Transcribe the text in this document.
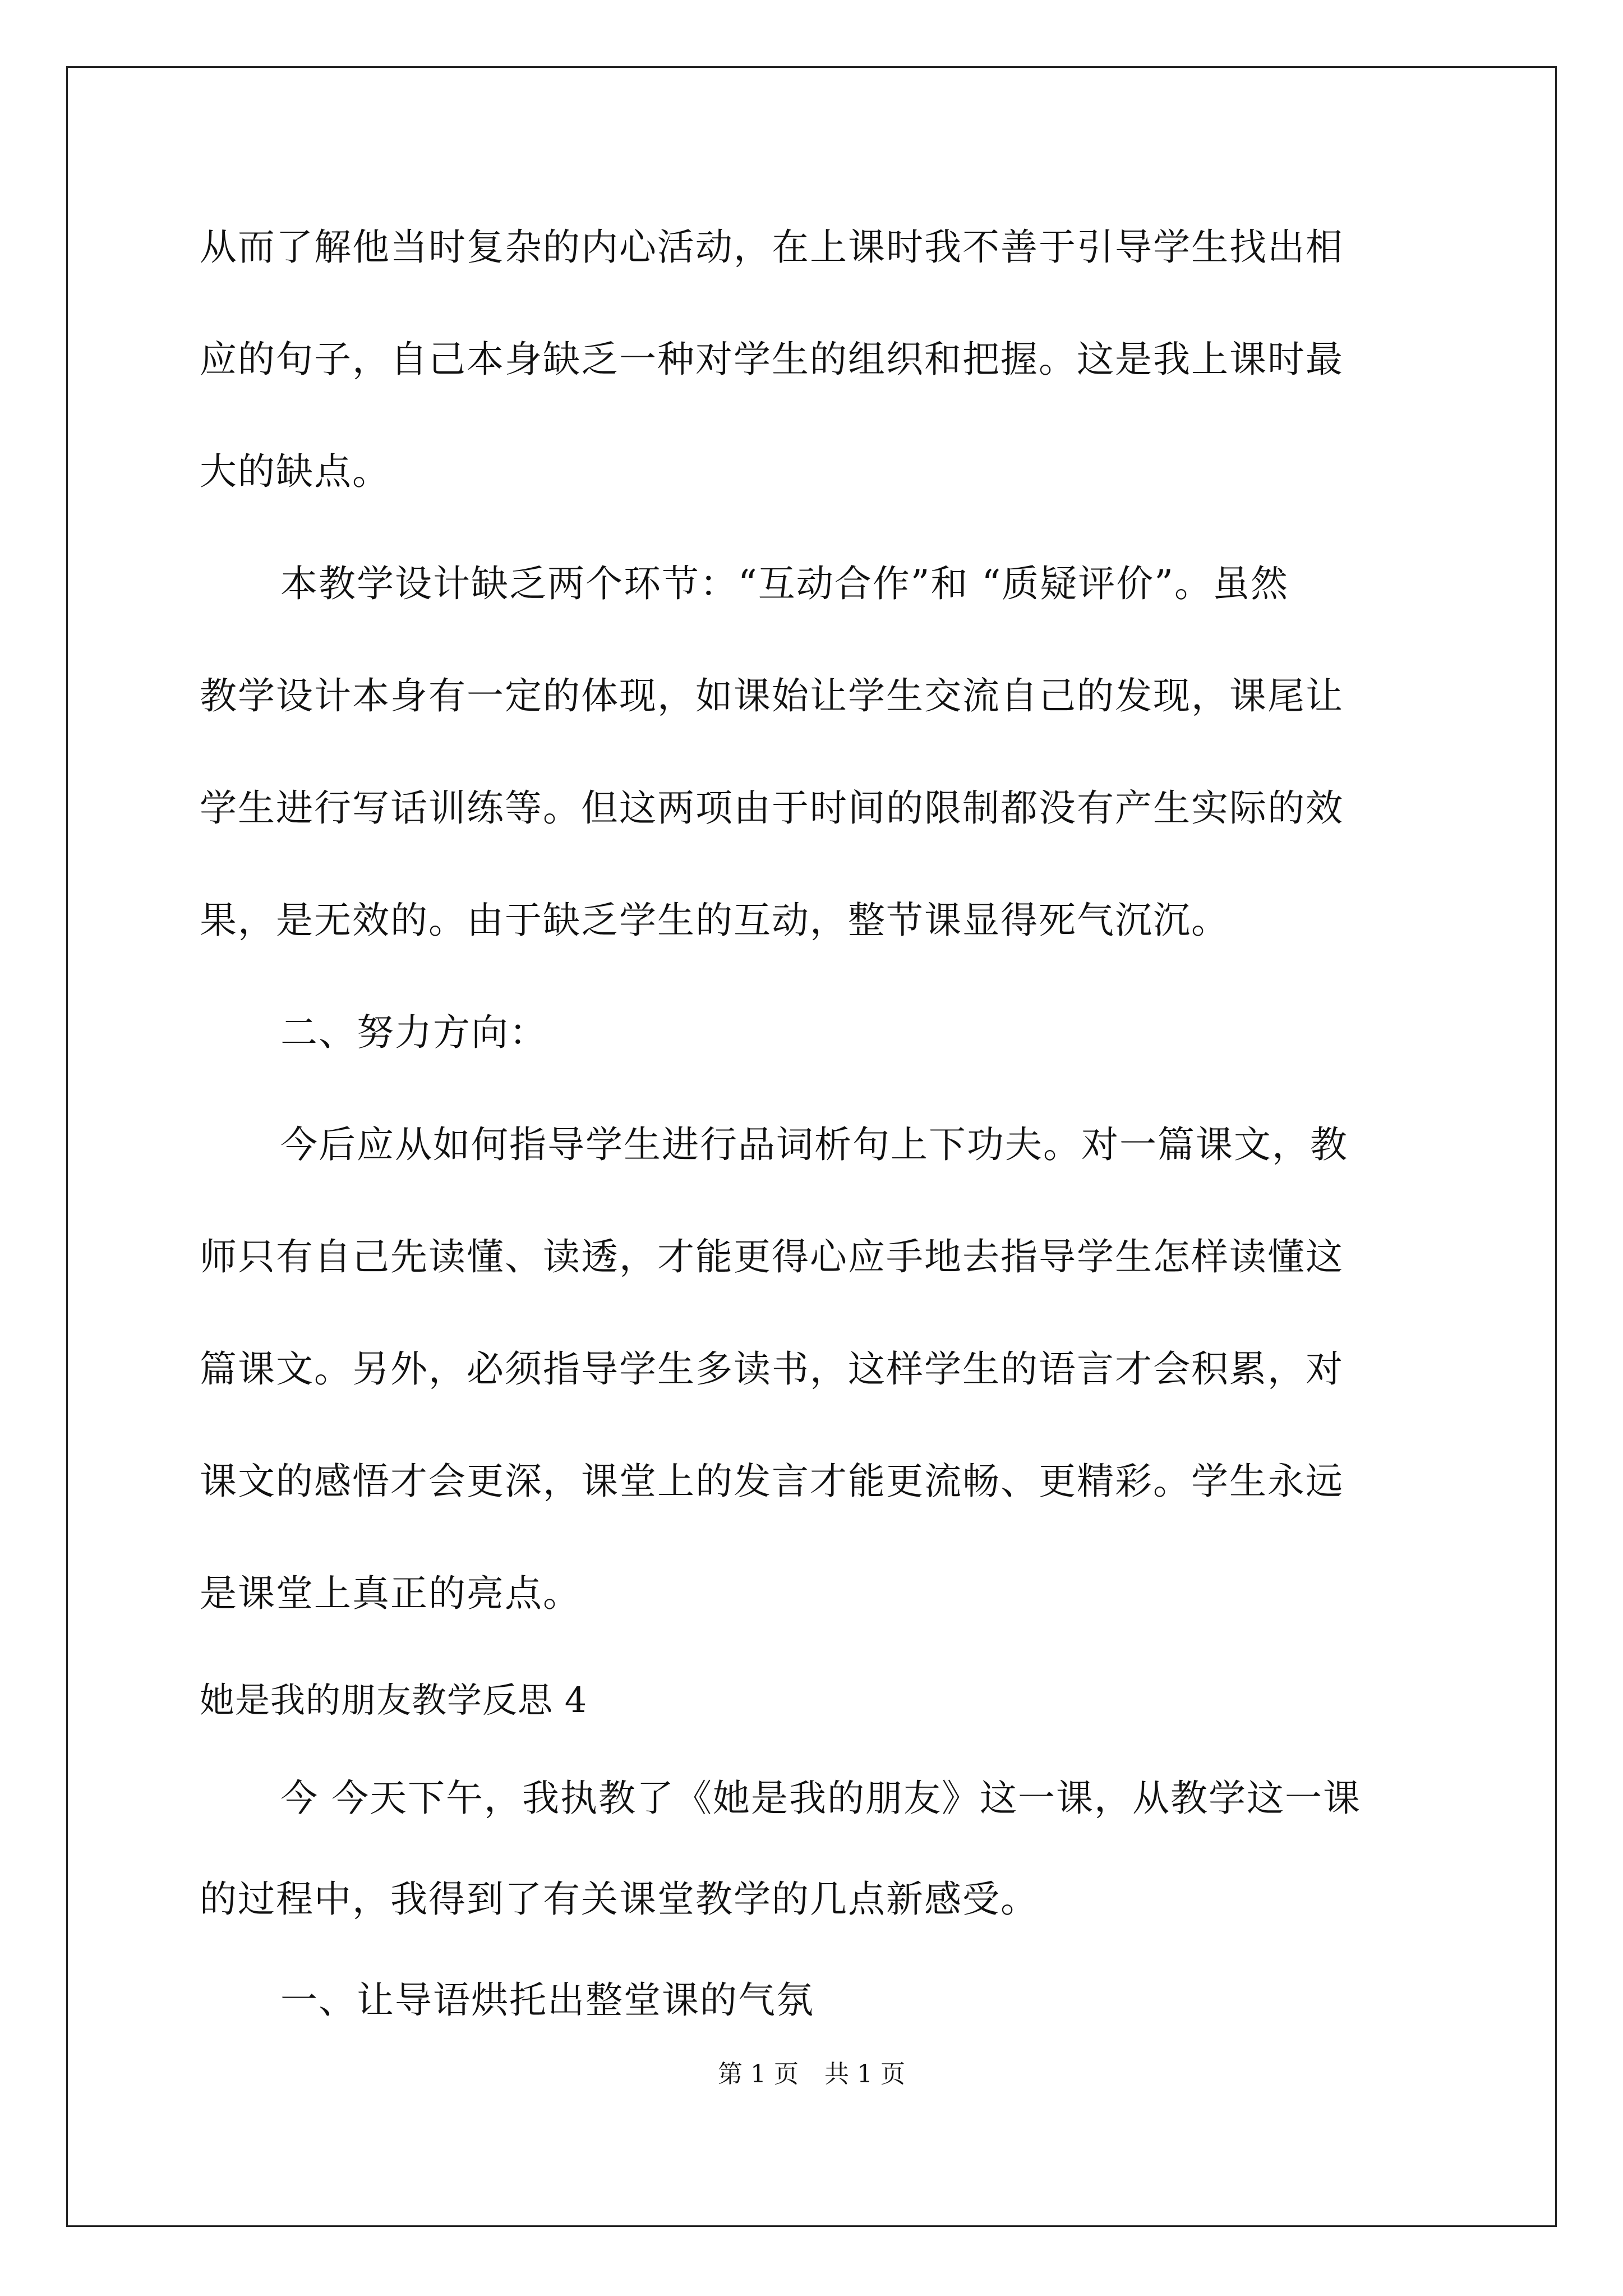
从而了解他当时复杂的内心活动，在上课时我不善于引导学生找出相
应的句子，自己本身缺乏一种对学生的组织和把握。这是我上课时最
大的缺点。
本教学设计缺乏两个环节：“互动合作”和 “质疑评价”。虽然
教学设计本身有一定的体现，如课始让学生交流自己的发现，课尾让
学生进行写话训练等。但这两项由于时间的限制都没有产生实际的效
果，是无效的。由于缺乏学生的互动，整节课显得死气沉沉。
二、努力方向：
今后应从如何指导学生进行品词析句上下功夫。对一篇课文，教
师只有自己先读懂、读透，才能更得心应手地去指导学生怎样读懂这
篇课文。另外，必须指导学生多读书，这样学生的语言才会积累，对
课文的感悟才会更深，课堂上的发言才能更流畅、更精彩。学生永远
是课堂上真正的亮点。
她是我的朋友教学反思 4
今 今天下午，我执教了《她是我的朋友》这一课，从教学这一课
的过程中，我得到了有关课堂教学的几点新感受。
一、让导语烘托出整堂课的气氛
第 1 页 共 1 页
